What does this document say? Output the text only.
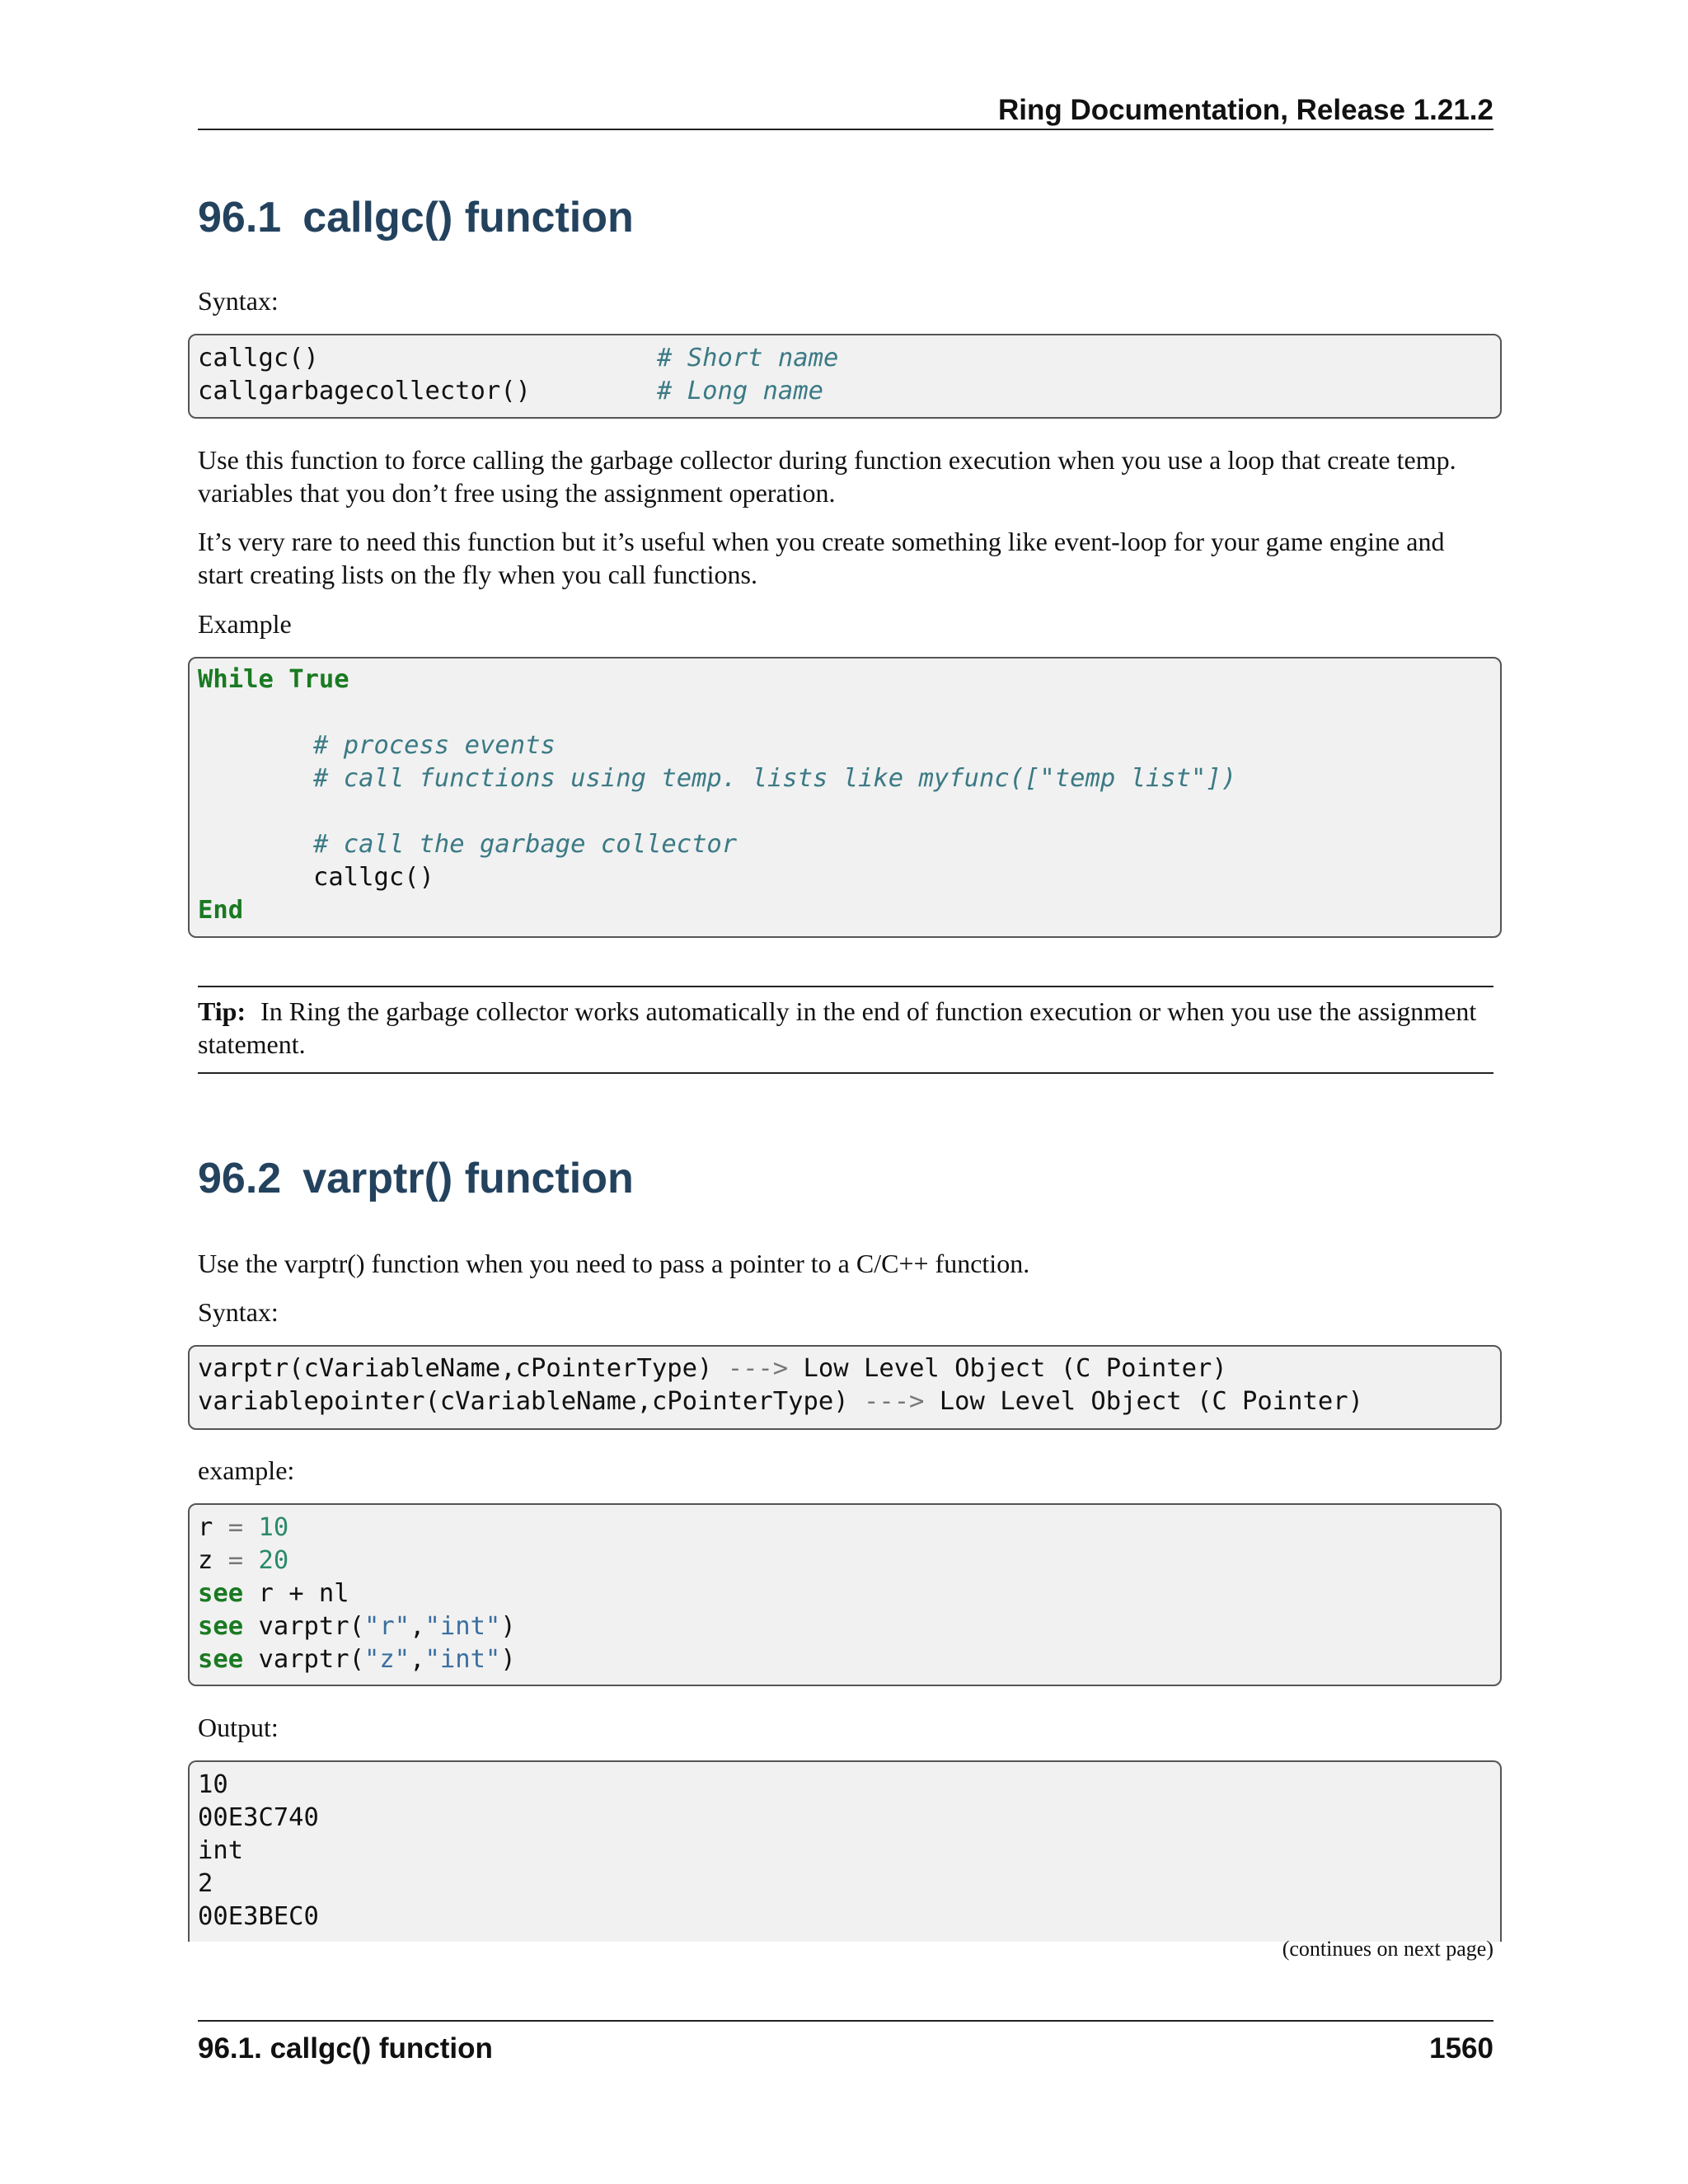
Ring Documentation, Release 1.21.2
96.1 callgc() function
Syntax:
callgc()	# Short name
callgarbagecollector()	# Long name
Use this function to force calling the garbage collector during function execution when you use a loop that create temp. variables that you don’t free using the assignment operation.
It’s very rare to need this function but it’s useful when you create something like event-loop for your game engine and start creating lists on the fly when you call functions.
Example
While True
# process events
# call functions using temp. lists like myfunc(["temp list"])
# call the garbage collector
callgc()
End
Tip: In Ring the garbage collector works automatically in the end of function execution or when you use the assignment statement.
96.2 varptr() function
Use the varptr() function when you need to pass a pointer to a C/C++ function.
Syntax:
varptr(cVariableName,cPointerType) ---> Low Level Object (C Pointer)
variablepointer(cVariableName,cPointerType) ---> Low Level Object (C Pointer)
example:
r = 10
z = 20
see r + nl
see varptr("r","int")
see varptr("z","int")
Output:
10
00E3C740
int
2
00E3BEC0
(continues on next page)
96.1. callgc() function	1560
